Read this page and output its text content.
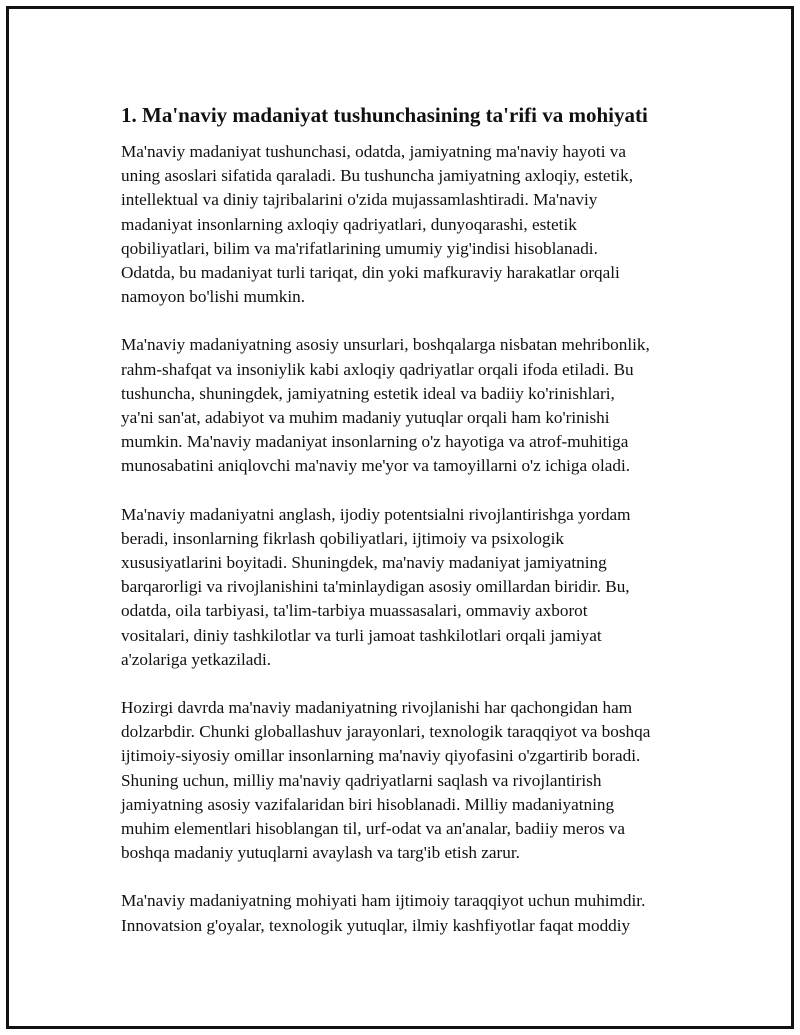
1. Ma'naviy madaniyat tushunchasining ta'rifi va mohiyati

Ma'naviy madaniyat tushunchasi, odatda, jamiyatning ma'naviy hayoti va
uning asoslari sifatida qaraladi. Bu tushuncha jamiyatning axloqiy, estetik,
intellektual va diniy tajribalarini o'zida mujassamlashtiradi. Ma'naviy
madaniyat insonlarning axloqiy qadriyatlari, dunyoqarashi, estetik
qobiliyatlari, bilim va ma'rifatlarining umumiy yig'indisi hisoblanadi.
Odatda, bu madaniyat turli tariqat, din yoki mafkuraviy harakatlar orqali
namoyon bo'lishi mumkin.

Ma'naviy madaniyatning asosiy unsurlari, boshqalarga nisbatan mehribonlik,
rahm-shafqat va insoniylik kabi axloqiy qadriyatlar orqali ifoda etiladi. Bu
tushuncha, shuningdek, jamiyatning estetik ideal va badiiy ko'rinishlari,
ya'ni san'at, adabiyot va muhim madaniy yutuqlar orqali ham ko'rinishi
mumkin. Ma'naviy madaniyat insonlarning o'z hayotiga va atrof-muhitiga
munosabatini aniqlovchi ma'naviy me'yor va tamoyillarni o'z ichiga oladi.

Ma'naviy madaniyatni anglash, ijodiy potentsialni rivojlantirishga yordam
beradi, insonlarning fikrlash qobiliyatlari, ijtimoiy va psixologik
xususiyatlarini boyitadi. Shuningdek, ma'naviy madaniyat jamiyatning
barqarorligi va rivojlanishini ta'minlaydigan asosiy omillardan biridir. Bu,
odatda, oila tarbiyasi, ta'lim-tarbiya muassasalari, ommaviy axborot
vositalari, diniy tashkilotlar va turli jamoat tashkilotlari orqali jamiyat
a'zolariga yetkaziladi.

Hozirgi davrda ma'naviy madaniyatning rivojlanishi har qachongidan ham
dolzarbdir. Chunki globallashuv jarayonlari, texnologik taraqqiyot va boshqa
ijtimoiy-siyosiy omillar insonlarning ma'naviy qiyofasini o'zgartirib boradi.
Shuning uchun, milliy ma'naviy qadriyatlarni saqlash va rivojlantirish
jamiyatning asosiy vazifalaridan biri hisoblanadi. Milliy madaniyatning
muhim elementlari hisoblangan til, urf-odat va an'analar, badiiy meros va
boshqa madaniy yutuqlarni avaylash va targ'ib etish zarur.

Ma'naviy madaniyatning mohiyati ham ijtimoiy taraqqiyot uchun muhimdir.
Innovatsion g'oyalar, texnologik yutuqlar, ilmiy kashfiyotlar faqat moddiy
